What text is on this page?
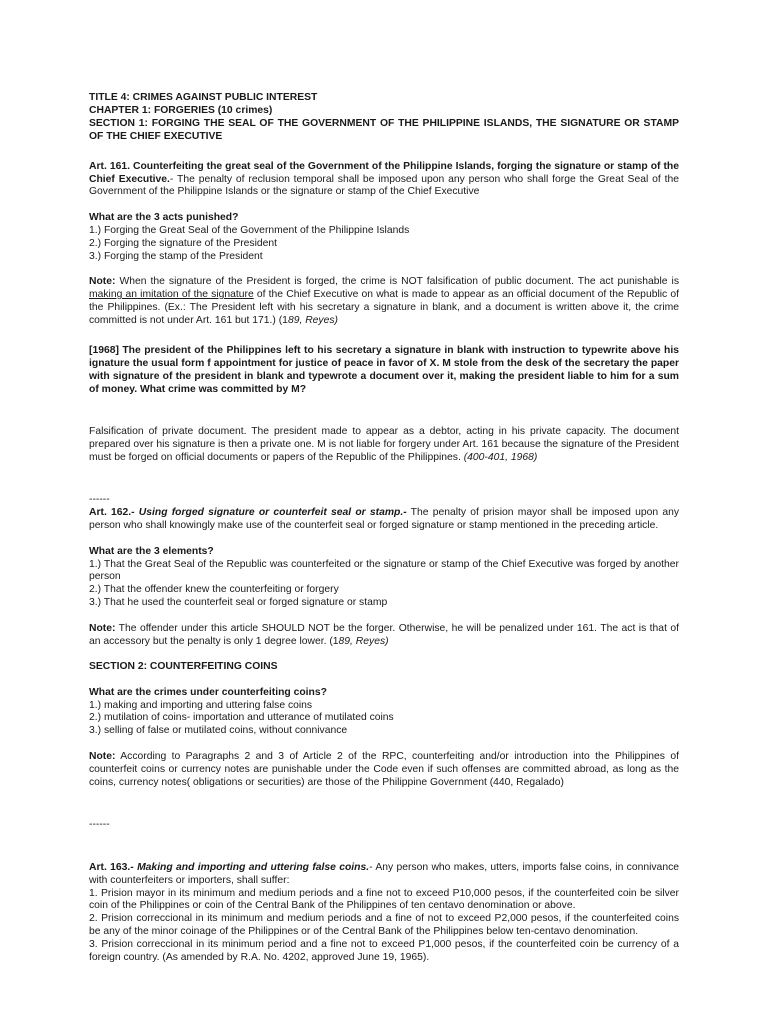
TITLE 4: CRIMES AGAINST PUBLIC INTEREST

CHAPTER 1: FORGERIES (10 crimes)

SECTION 1: FORGING THE SEAL OF THE GOVERNMENT OF THE PHILIPPINE ISLANDS, THE SIGNATURE OR STAMP OF THE CHIEF EXECUTIVE

Art. 161. Counterfeiting the great seal of the Government of the Philippine Islands, forging the signature or stamp of the Chief Executive.- The penalty of reclusion temporal shall be imposed upon any person who shall forge the Great Seal of the Government of the Philippine Islands or the signature or stamp of the Chief Executive

What are the 3 acts punished?

1.) Forging the Great Seal of the Government of the Philippine Islands

2.) Forging the signature of the President

3.) Forging the stamp of the President

Note: When the signature of the President is forged, the crime is NOT falsification of public document. The act punishable is making an imitation of the signature of the Chief Executive on what is made to appear as an official document of the Republic of the Philippines. (Ex.: The President left with his secretary a signature in blank, and a document is written above it, the crime committed is not under Art. 161 but 171.) (189, Reyes)

[1968] The president of the Philippines left to his secretary a signature in blank with instruction to typewrite above his ignature the usual form f appointment for justice of peace in favor of X. M stole from the desk of the secretary the paper with signature of the president in blank and typewrote a document over it, making the president liable to him for a sum of money. What crime was committed by M?

Falsification of private document. The president made to appear as a debtor, acting in his private capacity. The document prepared over his signature is then a private one. M is not liable for forgery under Art. 161 because the signature of the President must be forged on official documents or papers of the Republic of the Philippines. (400-401, 1968)

------

Art. 162.- Using forged signature or counterfeit seal or stamp.- The penalty of prision mayor shall be imposed upon any person who shall knowingly make use of the counterfeit seal or forged signature or stamp mentioned in the preceding article.

What are the 3 elements?

1.) That the Great Seal of the Republic was counterfeited or the signature or stamp of the Chief Executive was forged by another person

2.) That the offender knew the counterfeiting or forgery

3.) That he used the counterfeit seal or forged signature or stamp

Note: The offender under this article SHOULD NOT be the forger. Otherwise, he will be penalized under 161. The act is that of an accessory but the penalty is only 1 degree lower. (189, Reyes)

SECTION 2: COUNTERFEITING COINS

What are the crimes under counterfeiting coins?

1.) making and importing and uttering false coins

2.) mutilation of coins- importation and utterance of mutilated coins

3.) selling of false or mutilated coins, without connivance

Note: According to Paragraphs 2 and 3 of Article 2 of the RPC, counterfeiting and/or introduction into the Philippines of counterfeit coins or currency notes are punishable under the Code even if such offenses are committed abroad, as long as the coins, currency notes( obligations or securities) are those of the Philippine Government (440, Regalado)

------

Art. 163.- Making and importing and uttering false coins.- Any person who makes, utters, imports false coins, in connivance with counterfeiters or importers, shall suffer:

1. Prision mayor in its minimum and medium periods and a fine not to exceed P10,000 pesos, if the counterfeited coin be silver coin of the Philippines or coin of the Central Bank of the Philippines of ten centavo denomination or above.

2. Prision correccional in its minimum and medium periods and a fine of not to exceed P2,000 pesos, if the counterfeited coins be any of the minor coinage of the Philippines or of the Central Bank of the Philippines below ten-centavo denomination.

3. Prision correccional in its minimum period and a fine not to exceed P1,000 pesos, if the counterfeited coin be currency of a foreign country. (As amended by R.A. No. 4202, approved June 19, 1965).
